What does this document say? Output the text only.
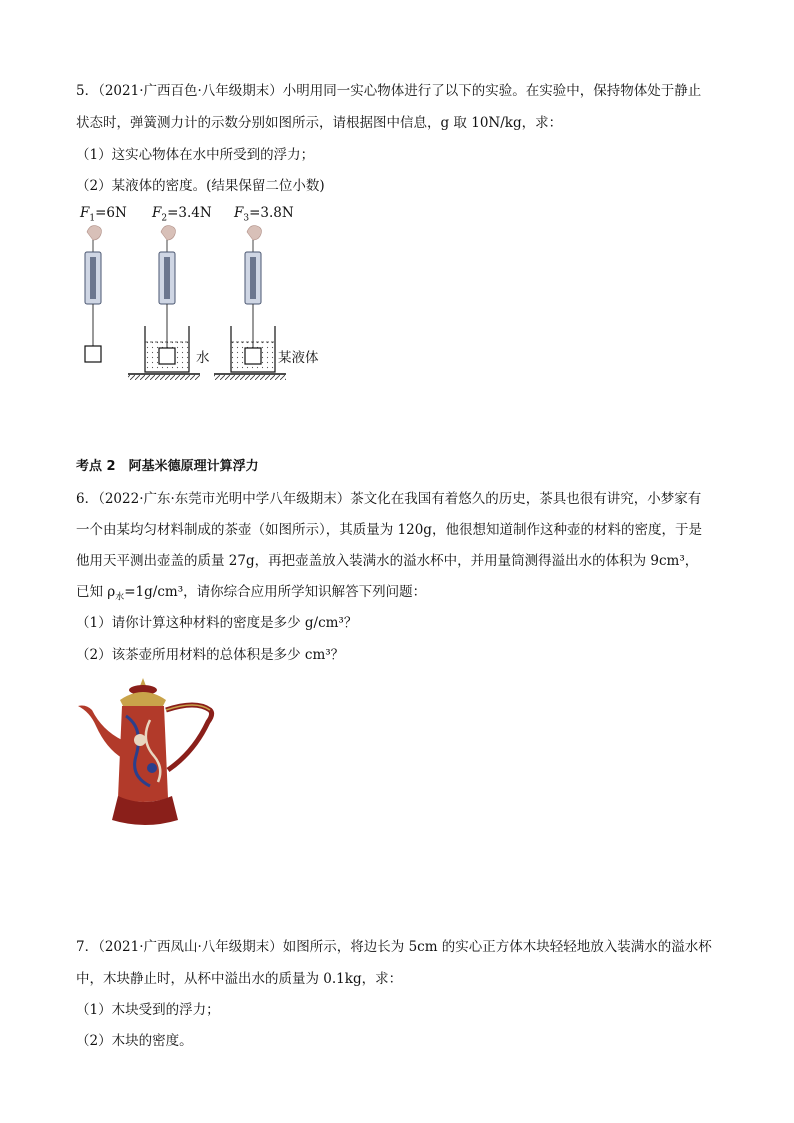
5．（2021·广西百色·八年级期末）小明用同一实心物体进行了以下的实验。在实验中，保持物体处于静止
状态时，弹簧测力计的示数分别如图所示，请根据图中信息，g 取 10N/kg，求：
（1）这实心物体在水中所受到的浮力；
（2）某液体的密度。(结果保留二位小数)
$F_1=6N$ $F_2=3.4N$ $F_3=3.8N$
水	某液体
考点 2　阿基米德原理计算浮力
6．（2022·广东·东莞市光明中学八年级期末）茶文化在我国有着悠久的历史，茶具也很有讲究，小梦家有
一个由某均匀材料制成的茶壶（如图所示），其质量为 120g，他很想知道制作这种壶的材料的密度，于是
他用天平测出壶盖的质量 27g，再把壶盖放入装满水的溢水杯中，并用量筒测得溢出水的体积为 9cm³，
已知 $\rho_水=1g$/cm³，请你综合应用所学知识解答下列问题：
（1）请你计算这种材料的密度是多少 g/cm³？
（2）该茶壶所用材料的总体积是多少 cm³？
7．（2021·广西凤山·八年级期末）如图所示，将边长为 5cm 的实心正方体木块轻轻地放入装满水的溢水杯
中，木块静止时，从杯中溢出水的质量为 0.1kg，求：
（1）木块受到的浮力；
（2）木块的密度。
